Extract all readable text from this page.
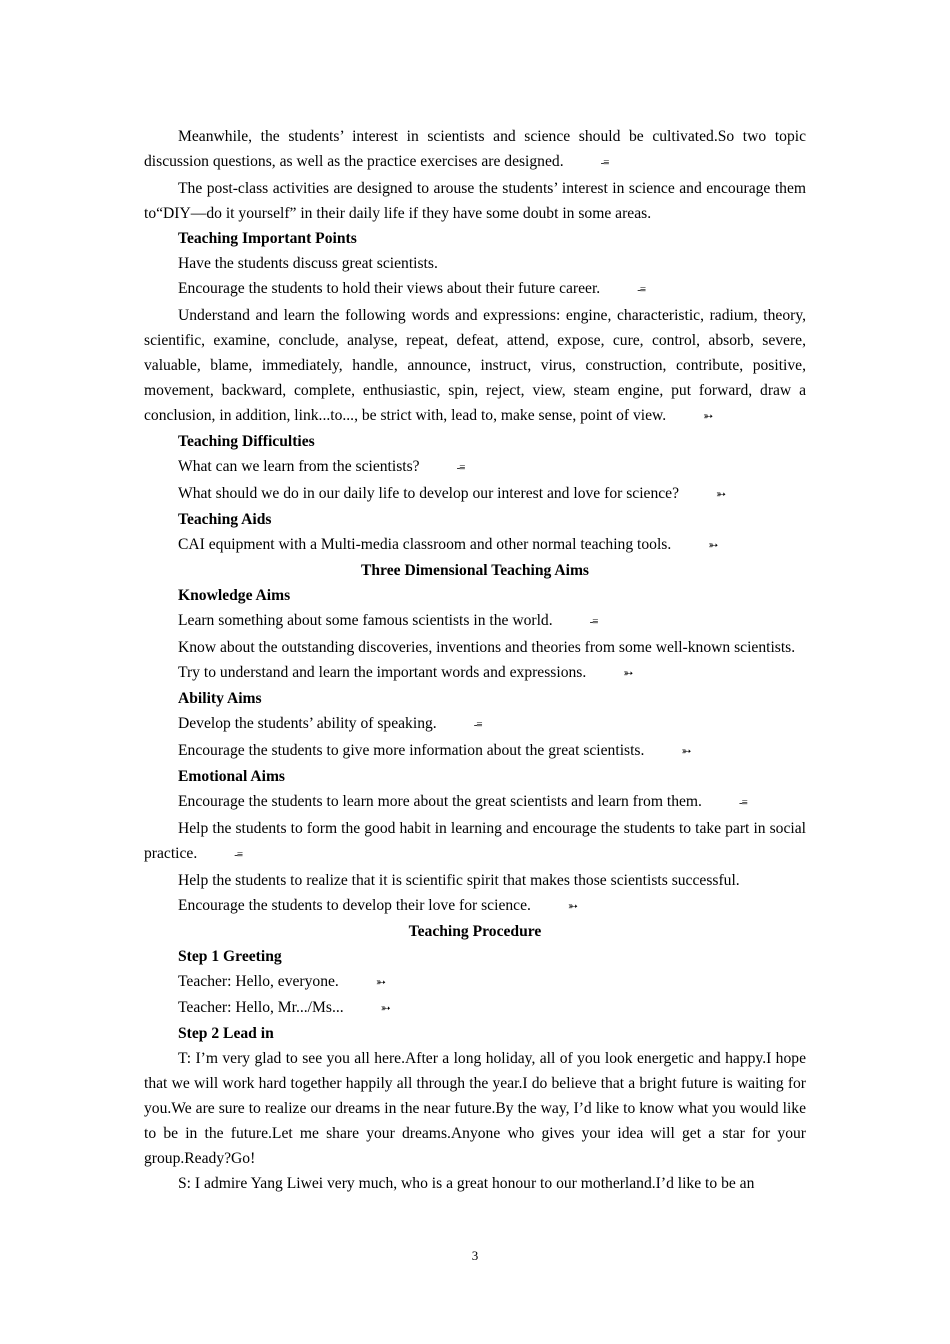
Meanwhile, the students’ interest in scientists and science should be cultivated.So two topic discussion questions, as well as the practice exercises are designed.	-≡

The post-class activities are designed to arouse the students’ interest in science and encourage them to“DIY—do it yourself” in their daily life if they have some doubt in some areas.

Teaching Important Points

Have the students discuss great scientists.

Encourage the students to hold their views about their future career.	-≡

Understand and learn the following words and expressions: engine, characteristic, radium, theory, scientific, examine, conclude, analyse, repeat, defeat, attend, expose, cure, control, absorb, severe, valuable, blame, immediately, handle, announce, instruct, virus, construction, contribute, positive, movement, backward, complete, enthusiastic, spin, reject, view, steam engine, put forward, draw a conclusion, in addition, link...to..., be strict with, lead to, make sense, point of view.	➳

Teaching Difficulties

What can we learn from the scientists?	-≡

What should we do in our daily life to develop our interest and love for science?	➳

Teaching Aids

CAI equipment with a Multi-media classroom and other normal teaching tools.	➳

Three Dimensional Teaching Aims

Knowledge Aims

Learn something about some famous scientists in the world.	-≡

Know about the outstanding discoveries, inventions and theories from some well-known scientists.

Try to understand and learn the important words and expressions.	➳

Ability Aims

Develop the students’ ability of speaking.	-≡

Encourage the students to give more information about the great scientists.	➳

Emotional Aims

Encourage the students to learn more about the great scientists and learn from them.	-≡

Help the students to form the good habit in learning and encourage the students to take part in social practice.	-≡

Help the students to realize that it is scientific spirit that makes those scientists successful.

Encourage the students to develop their love for science.	➳

Teaching Procedure

Step 1 Greeting

Teacher: Hello, everyone.	➳

Teacher: Hello, Mr.../Ms...	➳

Step 2 Lead in

T: I’m very glad to see you all here.After a long holiday, all of you look energetic and happy.I hope that we will work hard together happily all through the year.I do believe that a bright future is waiting for you.We are sure to realize our dreams in the near future.By the way, I’d like to know what you would like to be in the future.Let me share your dreams.Anyone who gives your idea will get a star for your group.Ready?Go!

S: I admire Yang Liwei very much, who is a great honour to our motherland.I’d like to be an

3
